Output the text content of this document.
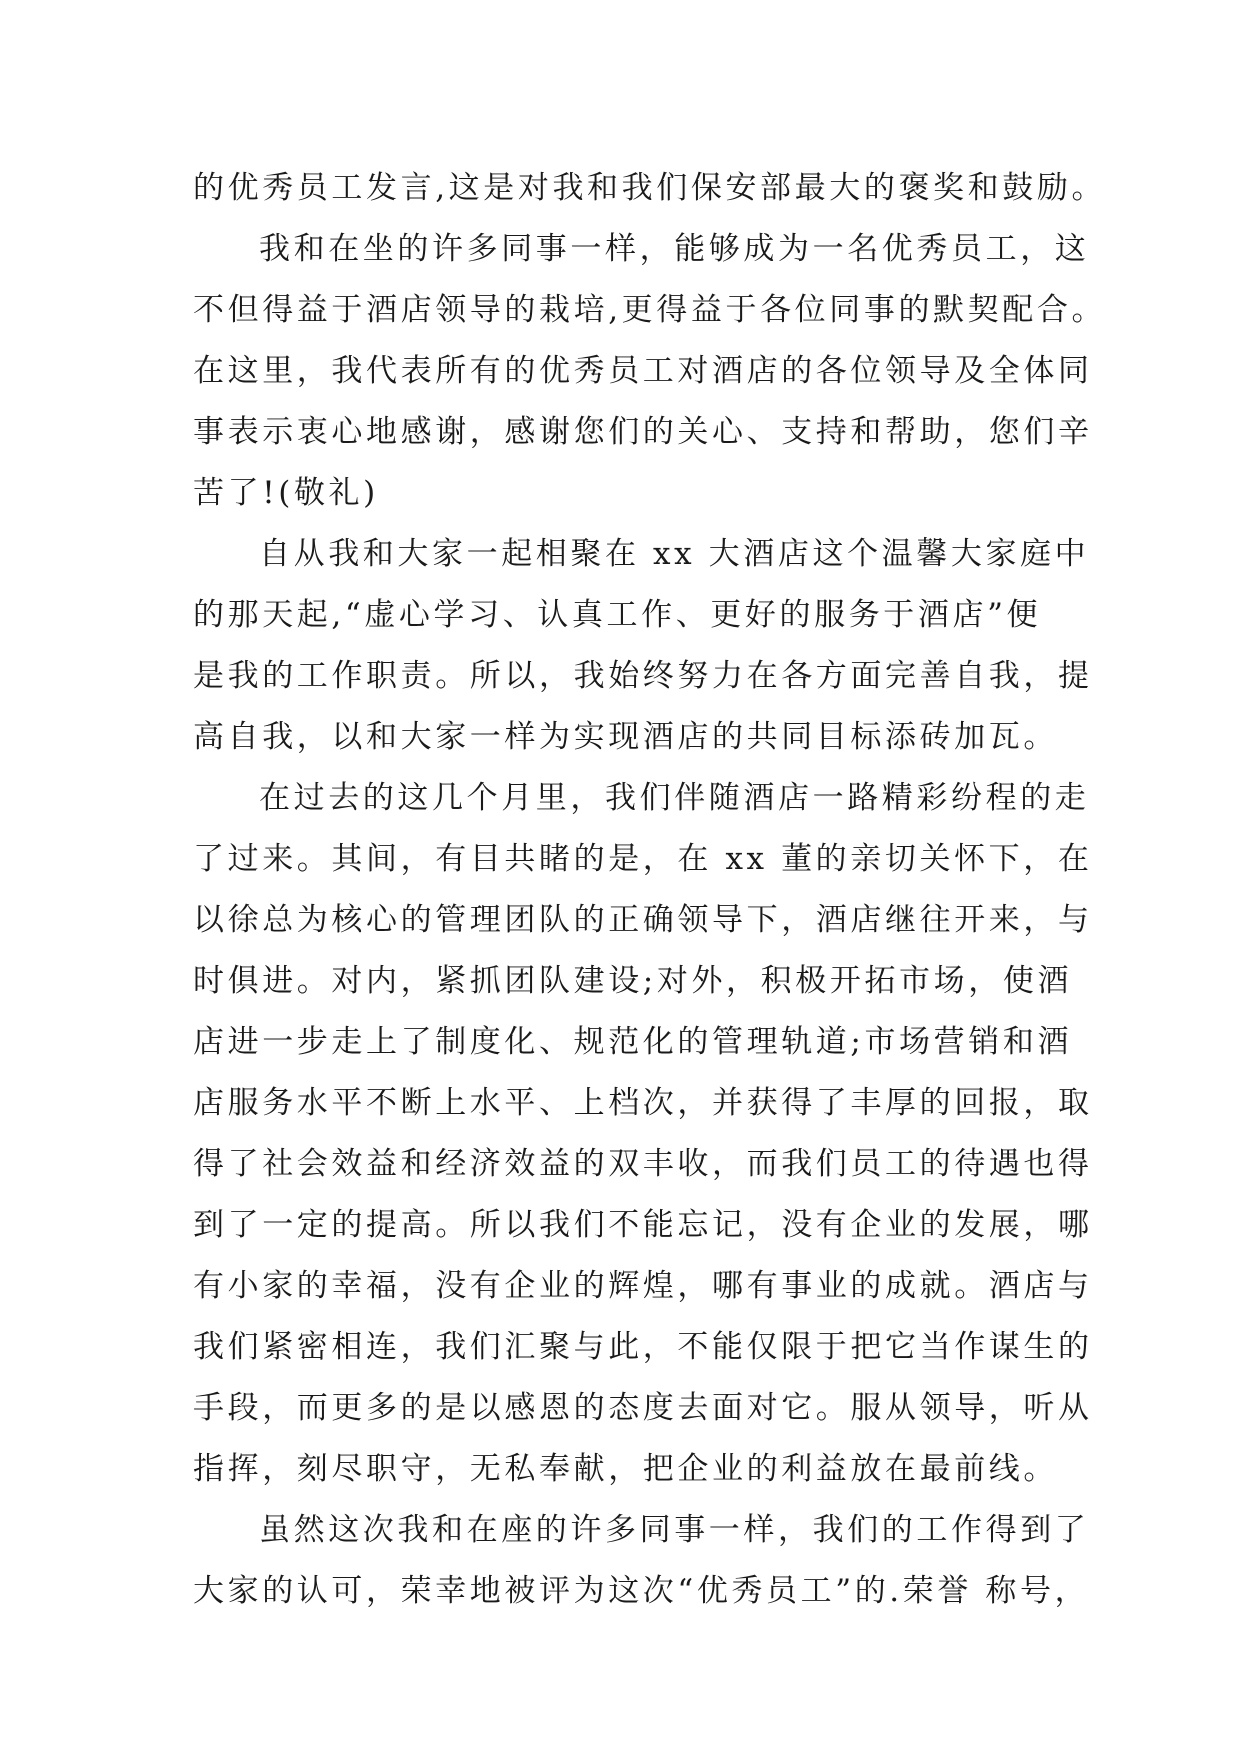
的优秀员工发言,这是对我和我们保安部最大的褒奖和鼓励。
我和在坐的许多同事一样，能够成为一名优秀员工，这
不但得益于酒店领导的栽培,更得益于各位同事的默契配合。
在这里，我代表所有的优秀员工对酒店的各位领导及全体同
事表示衷心地感谢，感谢您们的关心、支持和帮助，您们辛
苦了!(敬礼)
自从我和大家一起相聚在 xx 大酒店这个温馨大家庭中
的那天起,“虚心学习、认真工作、更好的服务于酒店”便
是我的工作职责。所以，我始终努力在各方面完善自我，提
高自我，以和大家一样为实现酒店的共同目标添砖加瓦。
在过去的这几个月里，我们伴随酒店一路精彩纷程的走
了过来。其间，有目共睹的是，在 xx 董的亲切关怀下，在
以徐总为核心的管理团队的正确领导下，酒店继往开来，与
时俱进。对内，紧抓团队建设;对外，积极开拓市场，使酒
店进一步走上了制度化、规范化的管理轨道;市场营销和酒
店服务水平不断上水平、上档次，并获得了丰厚的回报，取
得了社会效益和经济效益的双丰收，而我们员工的待遇也得
到了一定的提高。所以我们不能忘记，没有企业的发展，哪
有小家的幸福，没有企业的辉煌，哪有事业的成就。酒店与
我们紧密相连，我们汇聚与此，不能仅限于把它当作谋生的
手段，而更多的是以感恩的态度去面对它。服从领导，听从
指挥，刻尽职守，无私奉献，把企业的利益放在最前线。
虽然这次我和在座的许多同事一样，我们的工作得到了
大家的认可，荣幸地被评为这次“优秀员工”的.荣誉 称号，
